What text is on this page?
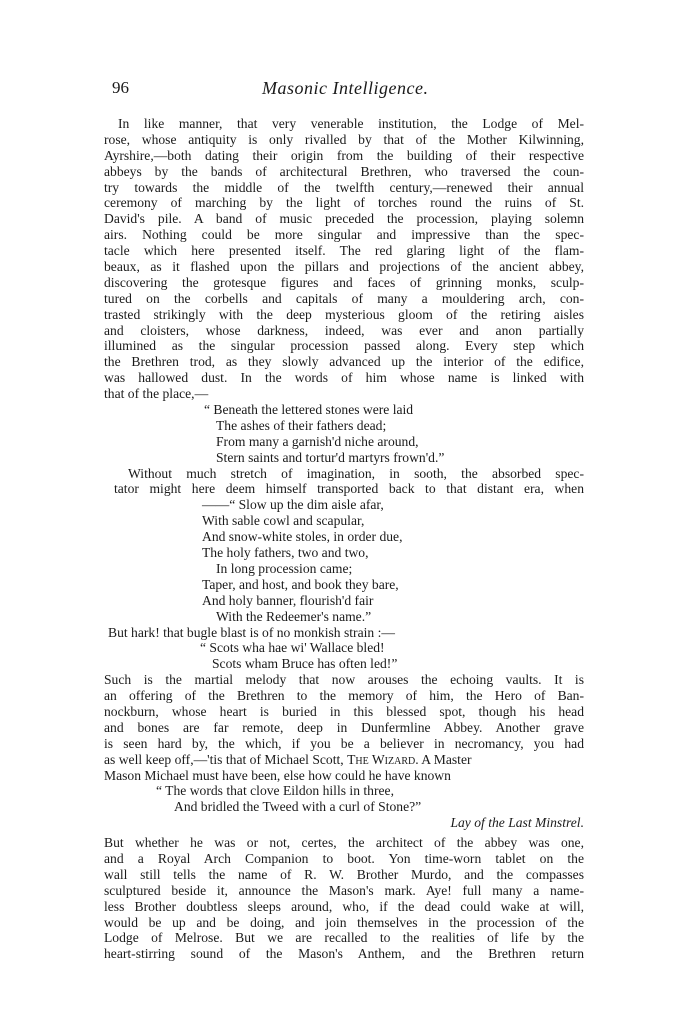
96	Masonic Intelligence.
In like manner, that very venerable institution, the Lodge of Mel-
rose, whose antiquity is only rivalled by that of the Mother Kilwinning,
Ayrshire,—both dating their origin from the building of their respective
abbeys by the bands of architectural Brethren, who traversed the coun-
try towards the middle of the twelfth century,—renewed their annual
ceremony of marching by the light of torches round the ruins of St.
David's pile. A band of music preceded the procession, playing solemn
airs. Nothing could be more singular and impressive than the spec-
tacle which here presented itself. The red glaring light of the flam-
beaux, as it flashed upon the pillars and projections of the ancient abbey,
discovering the grotesque figures and faces of grinning monks, sculp-
tured on the corbells and capitals of many a mouldering arch, con-
trasted strikingly with the deep mysterious gloom of the retiring aisles
and cloisters, whose darkness, indeed, was ever and anon partially
illumined as the singular procession passed along. Every step which
the Brethren trod, as they slowly advanced up the interior of the edifice,
was hallowed dust. In the words of him whose name is linked with
that of the place,—
“ Beneath the lettered stones were laid
The ashes of their fathers dead;
From many a garnish'd niche around,
Stern saints and tortur'd martyrs frown'd.”
Without much stretch of imagination, in sooth, the absorbed spec-
tator might here deem himself transported back to that distant era, when
——“ Slow up the dim aisle afar,
With sable cowl and scapular,
And snow-white stoles, in order due,
The holy fathers, two and two,
In long procession came;
Taper, and host, and book they bare,
And holy banner, flourish'd fair
With the Redeemer's name.”
But hark! that bugle blast is of no monkish strain :—
“ Scots wha hae wi' Wallace bled!
Scots wham Bruce has often led!”
Such is the martial melody that now arouses the echoing vaults. It is
an offering of the Brethren to the memory of him, the Hero of Ban-
nockburn, whose heart is buried in this blessed spot, though his head
and bones are far remote, deep in Dunfermline Abbey. Another grave
is seen hard by, the which, if you be a believer in necromancy, you had
as well keep off,—'tis that of Michael Scott, The Wizard. A Master
Mason Michael must have been, else how could he have known
“ The words that clove Eildon hills in three,
And bridled the Tweed with a curl of Stone?”
Lay of the Last Minstrel.
But whether he was or not, certes, the architect of the abbey was one,
and a Royal Arch Companion to boot. Yon time-worn tablet on the
wall still tells the name of R. W. Brother Murdo, and the compasses
sculptured beside it, announce the Mason's mark. Aye! full many a name-
less Brother doubtless sleeps around, who, if the dead could wake at will,
would be up and be doing, and join themselves in the procession of the
Lodge of Melrose. But we are recalled to the realities of life by the
heart-stirring sound of the Mason's Anthem, and the Brethren return
